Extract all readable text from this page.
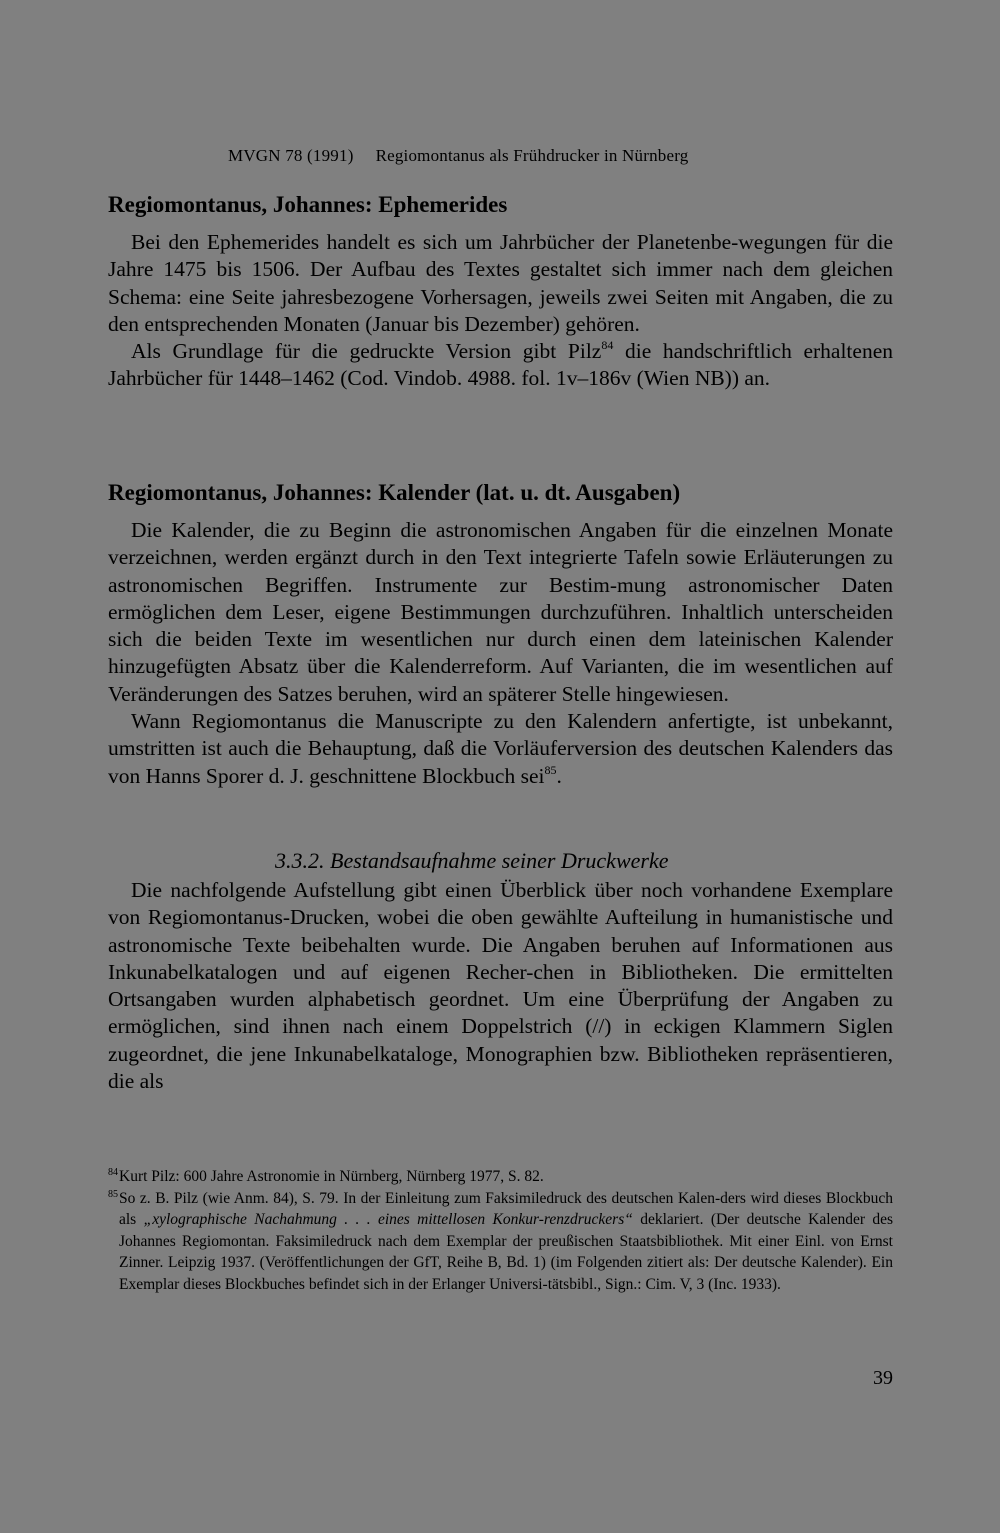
MVGN 78 (1991) Regiomontanus als Frühdrucker in Nürnberg
Regiomontanus, Johannes: Ephemerides

Bei den Ephemerides handelt es sich um Jahrbücher der Planetenbe-wegungen für die Jahre 1475 bis 1506. Der Aufbau des Textes gestaltet sich immer nach dem gleichen Schema: eine Seite jahresbezogene Vorhersagen, jeweils zwei Seiten mit Angaben, die zu den entsprechenden Monaten (Januar bis Dezember) gehören.

Als Grundlage für die gedruckte Version gibt Pilz$^{84}$ die handschriftlich erhaltenen Jahrbücher für 1448–1462 (Cod. Vindob. 4988. fol. 1v–186v (Wien NB)) an.

Regiomontanus, Johannes: Kalender (lat. u. dt. Ausgaben)

Die Kalender, die zu Beginn die astronomischen Angaben für die einzelnen Monate verzeichnen, werden ergänzt durch in den Text integrierte Tafeln sowie Erläuterungen zu astronomischen Begriffen. Instrumente zur Bestim-mung astronomischer Daten ermöglichen dem Leser, eigene Bestimmungen durchzuführen. Inhaltlich unterscheiden sich die beiden Texte im wesentlichen nur durch einen dem lateinischen Kalender hinzugefügten Absatz über die Kalenderreform. Auf Varianten, die im wesentlichen auf Veränderungen des Satzes beruhen, wird an späterer Stelle hingewiesen.

Wann Regiomontanus die Manuscripte zu den Kalendern anfertigte, ist unbekannt, umstritten ist auch die Behauptung, daß die Vorläuferversion des deutschen Kalenders das von Hanns Sporer d. J. geschnittene Blockbuch sei$^{85}$.

3.3.2. Bestandsaufnahme seiner Druckwerke

Die nachfolgende Aufstellung gibt einen Überblick über noch vorhandene Exemplare von Regiomontanus-Drucken, wobei die oben gewählte Aufteilung in humanistische und astronomische Texte beibehalten wurde. Die Angaben beruhen auf Informationen aus Inkunabelkatalogen und auf eigenen Recher-chen in Bibliotheken. Die ermittelten Ortsangaben wurden alphabetisch geordnet. Um eine Überprüfung der Angaben zu ermöglichen, sind ihnen nach einem Doppelstrich (//) in eckigen Klammern Siglen zugeordnet, die jene Inkunabelkataloge, Monographien bzw. Bibliotheken repräsentieren, die als

84 Kurt Pilz: 600 Jahre Astronomie in Nürnberg, Nürnberg 1977, S. 82.

85 So z. B. Pilz (wie Anm. 84), S. 79. In der Einleitung zum Faksimiledruck des deutschen Kalen-ders wird dieses Blockbuch als „xylographische Nachahmung . . . eines mittellosen Konkur-renzdruckers“ deklariert. (Der deutsche Kalender des Johannes Regiomontan. Faksimiledruck nach dem Exemplar der preußischen Staatsbibliothek. Mit einer Einl. von Ernst Zinner. Leipzig 1937. (Veröffentlichungen der GfT, Reihe B, Bd. 1) (im Folgenden zitiert als: Der deutsche Kalender). Ein Exemplar dieses Blockbuches befindet sich in der Erlanger Universi-tätsbibl., Sign.: Cim. V, 3 (Inc. 1933).

39
